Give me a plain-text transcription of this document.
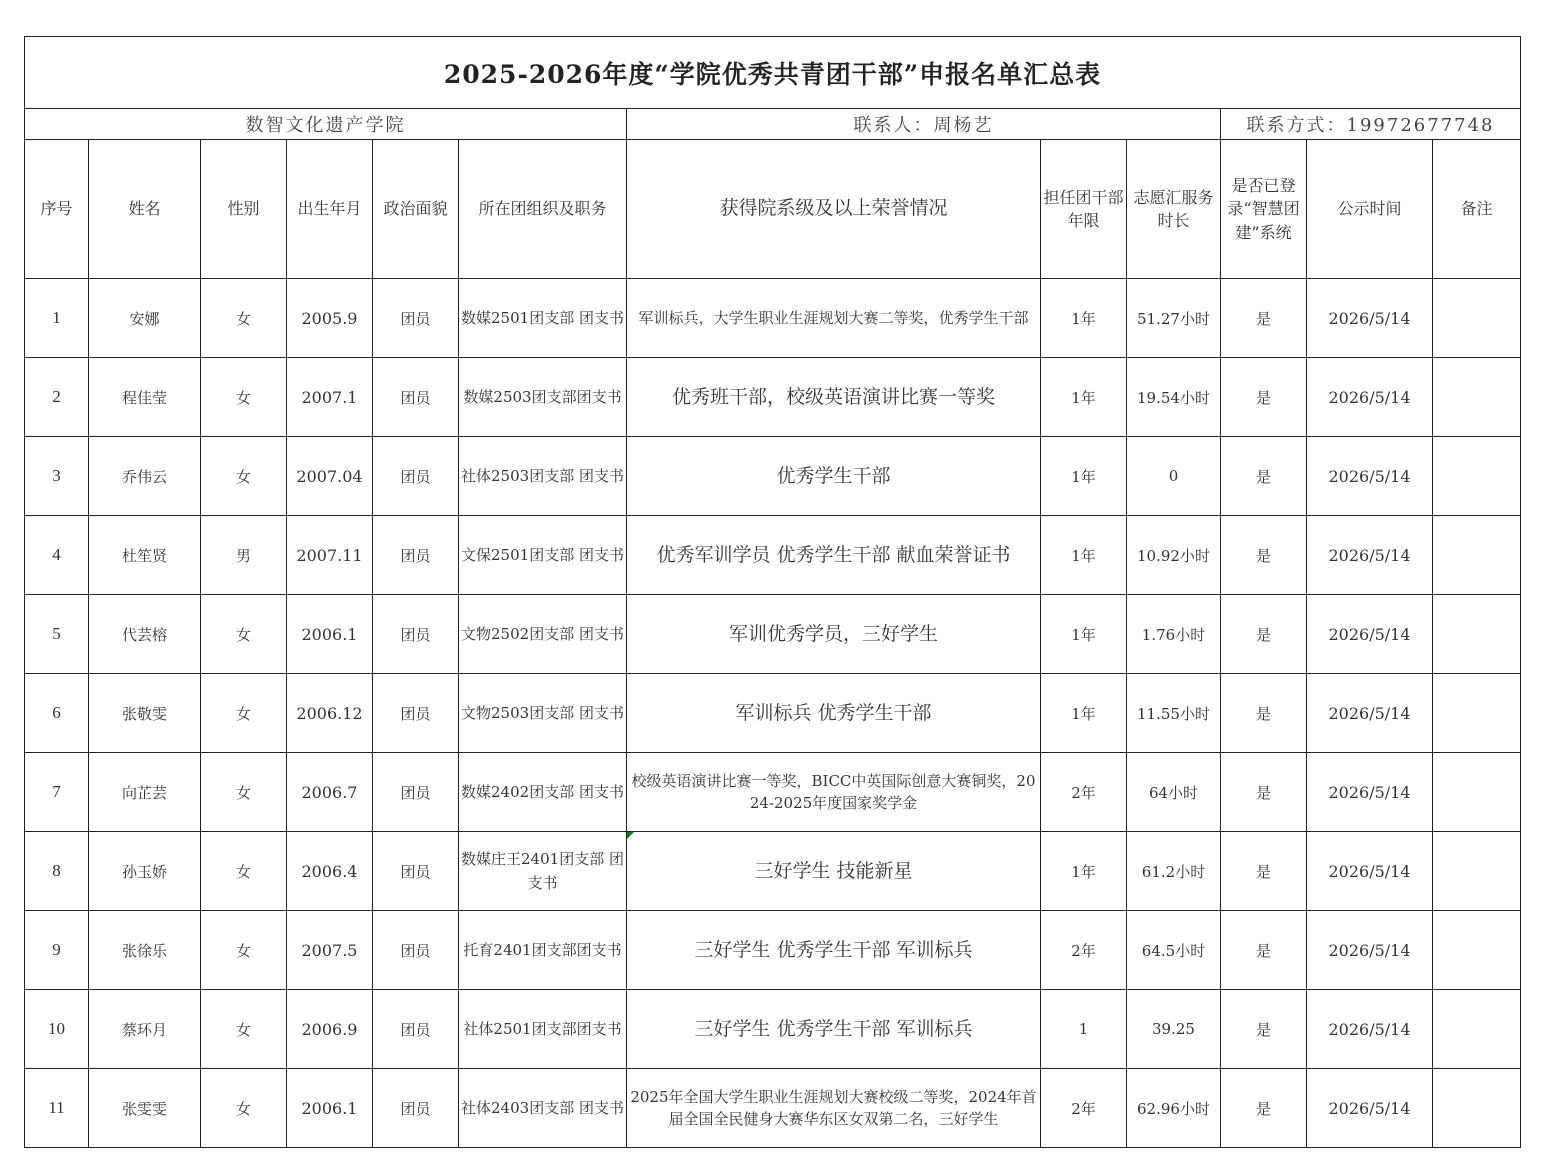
2025-2026年度“学院优秀共青团干部”申报名单汇总表											
数智文化遗产学院						联系人：周杨艺			联系方式：19972677748		
序号	姓名	性别	出生年月	政治面貌	所在团组织及职务	获得院系级及以上荣誉情况	担任团干部年限	志愿汇服务时长	是否已登录“智慧团建”系统	公示时间	备注
1	安娜	女	2005.9	团员	数媒2501团支部 团支书	军训标兵，大学生职业生涯规划大赛二等奖，优秀学生干部	1年	51.27小时	是	2026/5/14	
2	程佳莹	女	2007.1	团员	数媒2503团支部团支书	优秀班干部，校级英语演讲比赛一等奖	1年	19.54小时	是	2026/5/14	
3	乔伟云	女	2007.04	团员	社体2503团支部 团支书	优秀学生干部	1年	0	是	2026/5/14	
4	杜笙贤	男	2007.11	团员	文保2501团支部 团支书	优秀军训学员 优秀学生干部 献血荣誉证书	1年	10.92小时	是	2026/5/14	
5	代芸榕	女	2006.1	团员	文物2502团支部 团支书	军训优秀学员，三好学生	1年	1.76小时	是	2026/5/14	
6	张敬雯	女	2006.12	团员	文物2503团支部 团支书	军训标兵 优秀学生干部	1年	11.55小时	是	2026/5/14	
7	向芷芸	女	2006.7	团员	数媒2402团支部 团支书	校级英语演讲比赛一等奖，BICC中英国际创意大赛铜奖，2024-2025年度国家奖学金	2年	64小时	是	2026/5/14	
8	孙玉娇	女	2006.4	团员	数媒庄王2401团支部 团支书	三好学生 技能新星	1年	61.2小时	是	2026/5/14	
9	张徐乐	女	2007.5	团员	托育2401团支部团支书	三好学生 优秀学生干部 军训标兵	2年	64.5小时	是	2026/5/14	
10	蔡环月	女	2006.9	团员	社体2501团支部团支书	三好学生 优秀学生干部 军训标兵	1	39.25	是	2026/5/14	
11	张雯雯	女	2006.1	团员	社体2403团支部 团支书	2025年全国大学生职业生涯规划大赛校级二等奖，2024年首届全国全民健身大赛华东区女双第二名，三好学生	2年	62.96小时	是	2026/5/14	
